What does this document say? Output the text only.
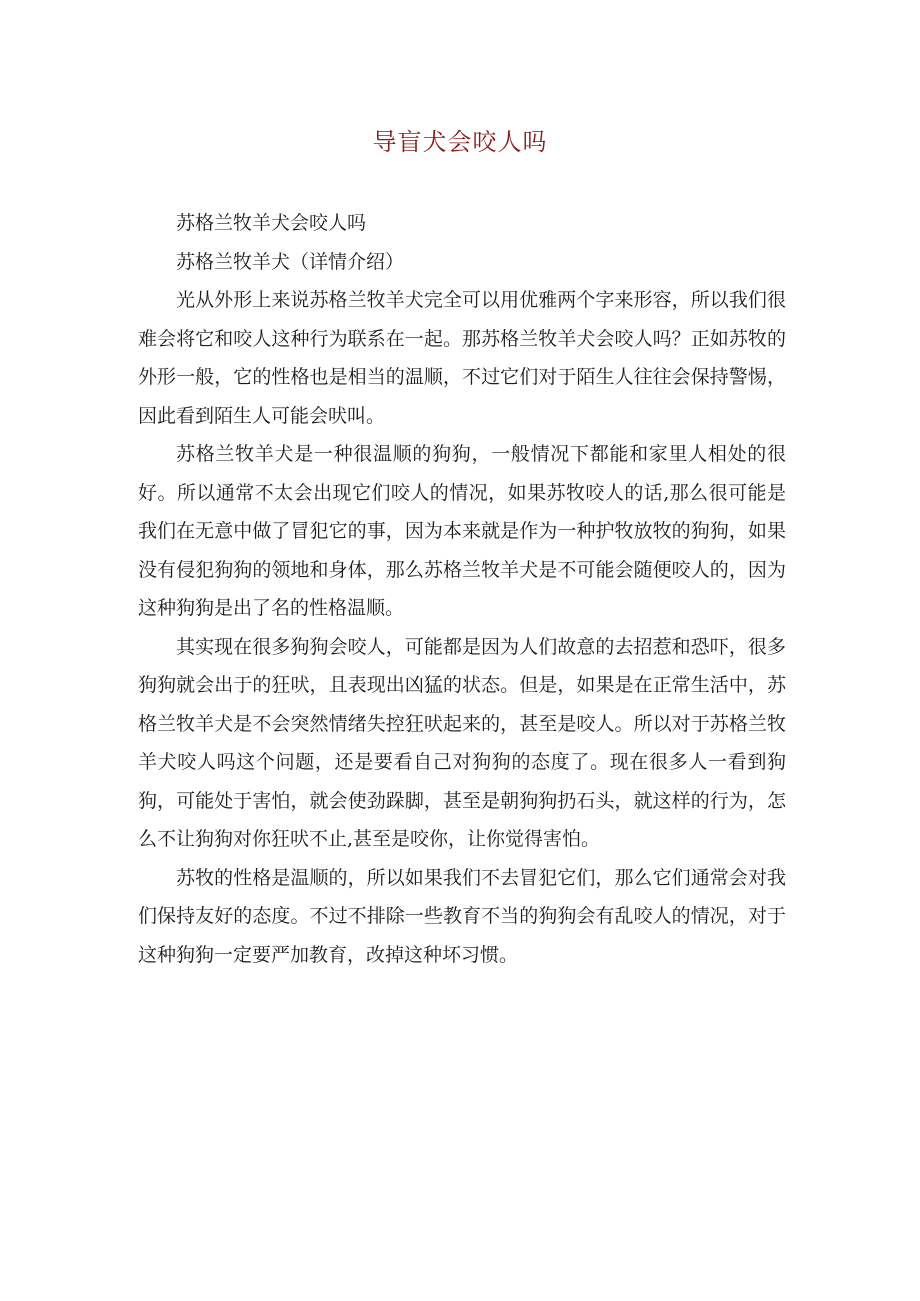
导盲犬会咬人吗

苏格兰牧羊犬会咬人吗

苏格兰牧羊犬（详情介绍）

光从外形上来说苏格兰牧羊犬完全可以用优雅两个字来形容，所以我们很难会将它和咬人这种行为联系在一起。那苏格兰牧羊犬会咬人吗？正如苏牧的外形一般，它的性格也是相当的温顺，不过它们对于陌生人往往会保持警惕，因此看到陌生人可能会吠叫。

苏格兰牧羊犬是一种很温顺的狗狗，一般情况下都能和家里人相处的很好。所以通常不太会出现它们咬人的情况，如果苏牧咬人的话,那么很可能是我们在无意中做了冒犯它的事，因为本来就是作为一种护牧放牧的狗狗，如果没有侵犯狗狗的领地和身体，那么苏格兰牧羊犬是不可能会随便咬人的，因为这种狗狗是出了名的性格温顺。

其实现在很多狗狗会咬人，可能都是因为人们故意的去招惹和恐吓，很多狗狗就会出于的狂吠，且表现出凶猛的状态。但是，如果是在正常生活中，苏格兰牧羊犬是不会突然情绪失控狂吠起来的，甚至是咬人。所以对于苏格兰牧羊犬咬人吗这个问题，还是要看自己对狗狗的态度了。现在很多人一看到狗狗，可能处于害怕，就会使劲跺脚，甚至是朝狗狗扔石头，就这样的行为，怎么不让狗狗对你狂吠不止,甚至是咬你，让你觉得害怕。

苏牧的性格是温顺的，所以如果我们不去冒犯它们，那么它们通常会对我们保持友好的态度。不过不排除一些教育不当的狗狗会有乱咬人的情况，对于这种狗狗一定要严加教育，改掉这种坏习惯。
